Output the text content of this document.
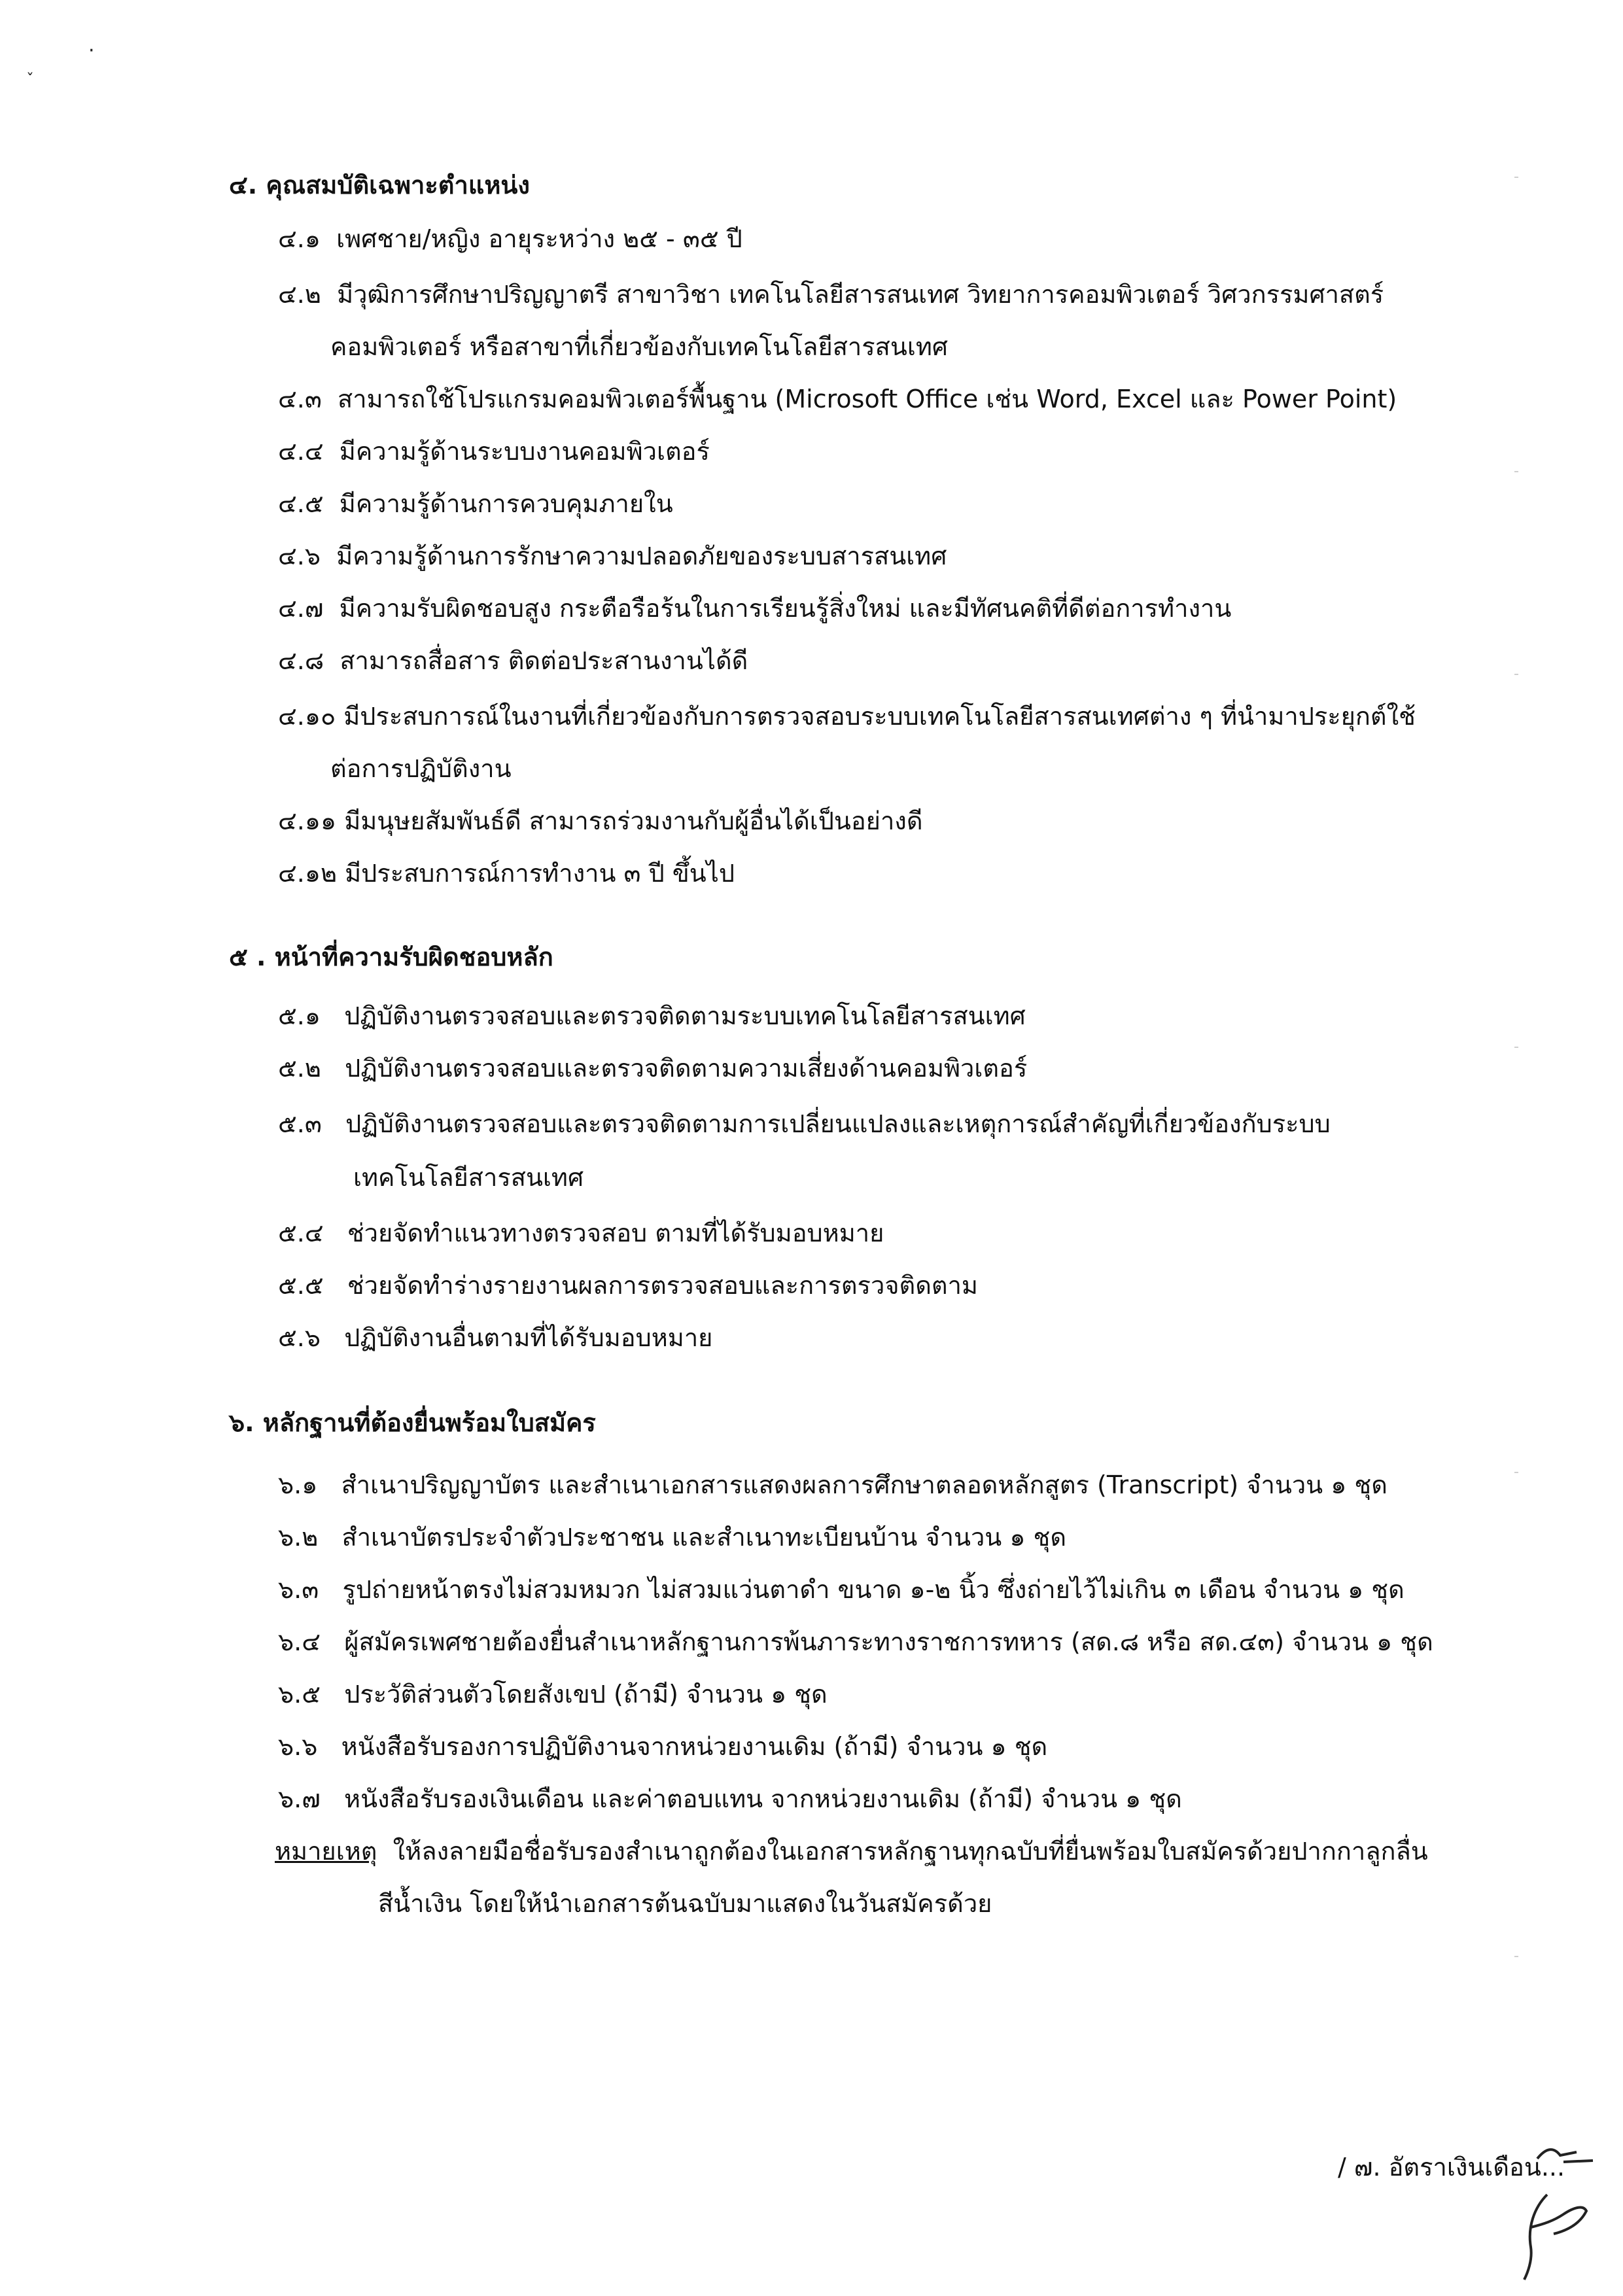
·
ˇ
๔. คุณสมบัติเฉพาะตำแหน่ง
๔.๑ เพศชาย/หญิง อายุระหว่าง ๒๕ - ๓๕ ปี
๔.๒ มีวุฒิการศึกษาปริญญาตรี สาขาวิชา เทคโนโลยีสารสนเทศ วิทยาการคอมพิวเตอร์ วิศวกรรมศาสตร์
คอมพิวเตอร์ หรือสาขาที่เกี่ยวข้องกับเทคโนโลยีสารสนเทศ
๔.๓ สามารถใช้โปรแกรมคอมพิวเตอร์พื้นฐาน (Microsoft Office เช่น Word, Excel และ Power Point)
๔.๔ มีความรู้ด้านระบบงานคอมพิวเตอร์
๔.๕ มีความรู้ด้านการควบคุมภายใน
๔.๖ มีความรู้ด้านการรักษาความปลอดภัยของระบบสารสนเทศ
๔.๗ มีความรับผิดชอบสูง กระตือรือร้นในการเรียนรู้สิ่งใหม่ และมีทัศนคติที่ดีต่อการทำงาน
๔.๘ สามารถสื่อสาร ติดต่อประสานงานได้ดี
๔.๑๐ มีประสบการณ์ในงานที่เกี่ยวข้องกับการตรวจสอบระบบเทคโนโลยีสารสนเทศต่าง ๆ ที่นำมาประยุกต์ใช้
ต่อการปฏิบัติงาน
๔.๑๑ มีมนุษยสัมพันธ์ดี สามารถร่วมงานกับผู้อื่นได้เป็นอย่างดี
๔.๑๒ มีประสบการณ์การทำงาน ๓ ปี ขึ้นไป
๕ . หน้าที่ความรับผิดชอบหลัก
๕.๑ ปฏิบัติงานตรวจสอบและตรวจติดตามระบบเทคโนโลยีสารสนเทศ
๕.๒ ปฏิบัติงานตรวจสอบและตรวจติดตามความเสี่ยงด้านคอมพิวเตอร์
๕.๓ ปฏิบัติงานตรวจสอบและตรวจติดตามการเปลี่ยนแปลงและเหตุการณ์สำคัญที่เกี่ยวข้องกับระบบ
เทคโนโลยีสารสนเทศ
๕.๔ ช่วยจัดทำแนวทางตรวจสอบ ตามที่ได้รับมอบหมาย
๕.๕ ช่วยจัดทำร่างรายงานผลการตรวจสอบและการตรวจติดตาม
๕.๖ ปฏิบัติงานอื่นตามที่ได้รับมอบหมาย
๖. หลักฐานที่ต้องยื่นพร้อมใบสมัคร
๖.๑ สำเนาปริญญาบัตร และสำเนาเอกสารแสดงผลการศึกษาตลอดหลักสูตร (Transcript) จำนวน ๑ ชุด
๖.๒ สำเนาบัตรประจำตัวประชาชน และสำเนาทะเบียนบ้าน จำนวน ๑ ชุด
๖.๓ รูปถ่ายหน้าตรงไม่สวมหมวก ไม่สวมแว่นตาดำ ขนาด ๑-๒ นิ้ว ซึ่งถ่ายไว้ไม่เกิน ๓ เดือน จำนวน ๑ ชุด
๖.๔ ผู้สมัครเพศชายต้องยื่นสำเนาหลักฐานการพ้นภาระทางราชการทหาร (สด.๘ หรือ สด.๔๓) จำนวน ๑ ชุด
๖.๕ ประวัติส่วนตัวโดยสังเขป (ถ้ามี) จำนวน ๑ ชุด
๖.๖ หนังสือรับรองการปฏิบัติงานจากหน่วยงานเดิม (ถ้ามี) จำนวน ๑ ชุด
๖.๗ หนังสือรับรองเงินเดือน และค่าตอบแทน จากหน่วยงานเดิม (ถ้ามี) จำนวน ๑ ชุด
หมายเหตุ ให้ลงลายมือชื่อรับรองสำเนาถูกต้องในเอกสารหลักฐานทุกฉบับที่ยื่นพร้อมใบสมัครด้วยปากกาลูกลื่น
สีน้ำเงิน โดยให้นำเอกสารต้นฉบับมาแสดงในวันสมัครด้วย
/ ๗. อัตราเงินเดือน...
